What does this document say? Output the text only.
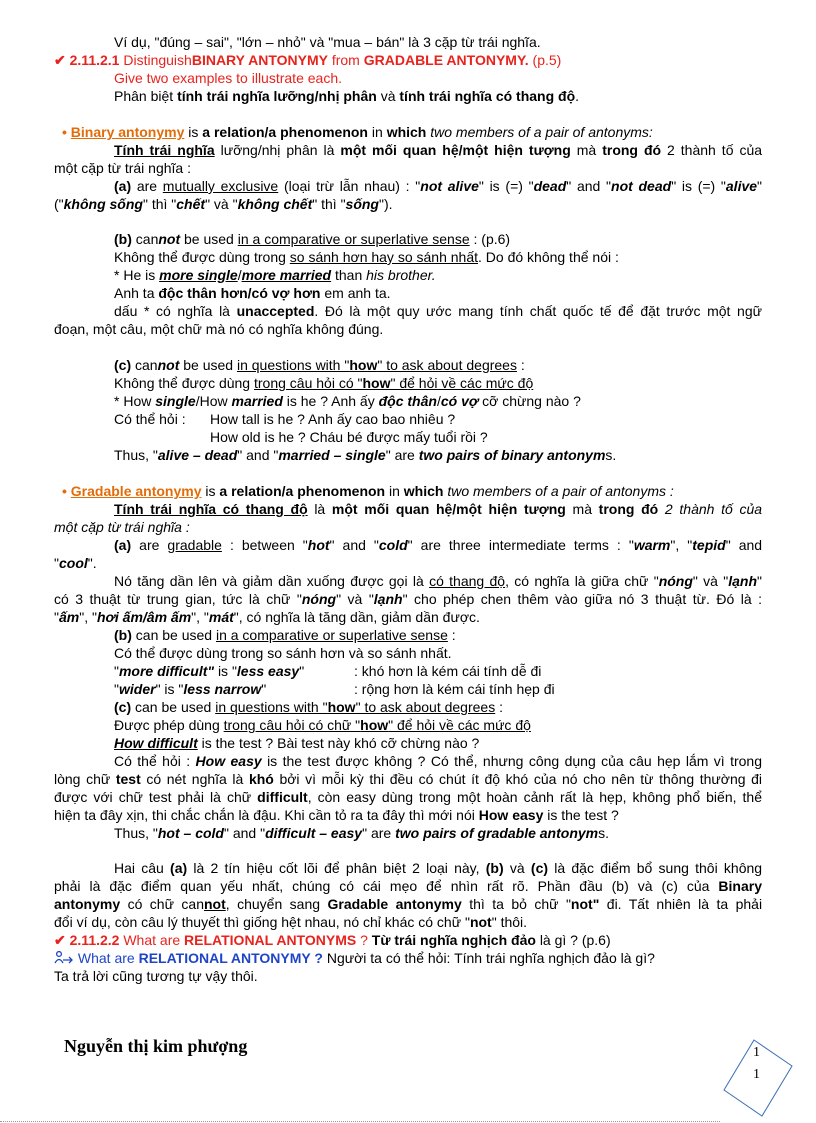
Ví dụ, "đúng – sai", "lớn – nhỏ" và "mua – bán" là 3 cặp từ trái nghĩa.
✔ 2.11.2.1 DistinguishBINARY ANTONYMY from GRADABLE ANTONYMY. (p.5)
Give two examples to illustrate each.
Phân biệt tính trái nghĩa lưỡng/nhị phân và tính trái nghĩa có thang độ.
• Binary antonymy is a relation/a phenomenon in which two members of a pair of antonyms:
Tính trái nghĩa lưỡng/nhị phân là một mối quan hệ/một hiện tượng mà trong đó 2 thành tố của
một cặp từ trái nghĩa :
(a) are mutually exclusive (loại trừ lẫn nhau) : "not alive" is (=) "dead" and "not dead" is (=) "alive"
("không sống" thì "chết" và "không chết" thì "sống").
(b) cannot be used in a comparative or superlative sense : (p.6)
Không thể được dùng trong so sánh hơn hay so sánh nhất. Do đó không thể nói :
* He is more single/more married than his brother.
Anh ta độc thân hơn/có vợ hơn em anh ta.
dấu * có nghĩa là unaccepted. Đó là một quy ước mang tính chất quốc tế để đặt trước một ngữ
đoạn, một câu, một chữ mà nó có nghĩa không đúng.
(c) cannot be used in questions with "how" to ask about degrees :
Không thể được dùng trong câu hỏi có "how" để hỏi về các mức độ
* How single/How married is he ? Anh ấy độc thân/có vợ cỡ chừng nào ?
Có thể hỏi :	How tall is he ? Anh ấy cao bao nhiêu ?
How old is he ? Cháu bé được mấy tuổi rồi ?
Thus, "alive – dead" and "married – single" are two pairs of binary antonyms.
• Gradable antonymy is a relation/a phenomenon in which two members of a pair of antonyms :
Tính trái nghĩa có thang độ là một mối quan hệ/một hiện tượng mà trong đó 2 thành tố của
một cặp từ trái nghĩa :
(a) are gradable : between "hot" and "cold" are three intermediate terms : "warm", "tepid" and
"cool".
Nó tăng dần lên và giảm dần xuống được gọi là có thang độ, có nghĩa là giữa chữ "nóng" và "lạnh"
có 3 thuật từ trung gian, tức là chữ "nóng" và "lạnh" cho phép chen thêm vào giữa nó 3 thuật từ. Đó là :
"ấm", "hơi ấm/âm ấm", "mát", có nghĩa là tăng dần, giảm dần được.
(b) can be used in a comparative or superlative sense :
Có thể được dùng trong so sánh hơn và so sánh nhất.
"more difficult" is "less easy"	: khó hơn là kém cái tính dễ đi
"wider" is "less narrow"	: rộng hơn là kém cái tính hẹp đi
(c) can be used in questions with "how" to ask about degrees :
Được phép dùng trong câu hỏi có chữ "how" để hỏi về các mức độ
How difficult is the test ? Bài test này khó cỡ chừng nào ?
Có thể hỏi : How easy is the test được không ? Có thể, nhưng công dụng của câu hẹp lắm vì trong
lòng chữ test có nét nghĩa là khó bởi vì mỗi kỳ thi đều có chút ít độ khó của nó cho nên từ thông thường đi
được với chữ test phải là chữ difficult, còn easy dùng trong một hoàn cảnh rất là hẹp, không phổ biến, thể
hiện ta đây xịn, thi chắc chắn là đậu. Khi cần tỏ ra ta đây thì mới nói How easy is the test ?
Thus, "hot – cold" and "difficult – easy" are two pairs of gradable antonyms.
Hai câu (a) là 2 tín hiệu cốt lõi để phân biệt 2 loại này, (b) và (c) là đặc điểm bổ sung thôi không
phải là đặc điểm quan yếu nhất, chúng có cái mẹo để nhìn rất rõ. Phần đầu (b) và (c) của Binary
antonymy có chữ cannot, chuyển sang Gradable antonymy thì ta bỏ chữ "not" đi. Tất nhiên là ta phải
đổi ví dụ, còn câu lý thuyết thì giống hệt nhau, nó chỉ khác có chữ "not" thôi.
✔ 2.11.2.2 What are RELATIONAL ANTONYMS ? Từ trái nghĩa nghịch đảo là gì ? (p.6)
What are RELATIONAL ANTONYMY ? Người ta có thể hỏi: Tính trái nghĩa nghịch đảo là gì?
Ta trả lời cũng tương tự vậy thôi.
Nguyễn thị kim phượng	1
1
